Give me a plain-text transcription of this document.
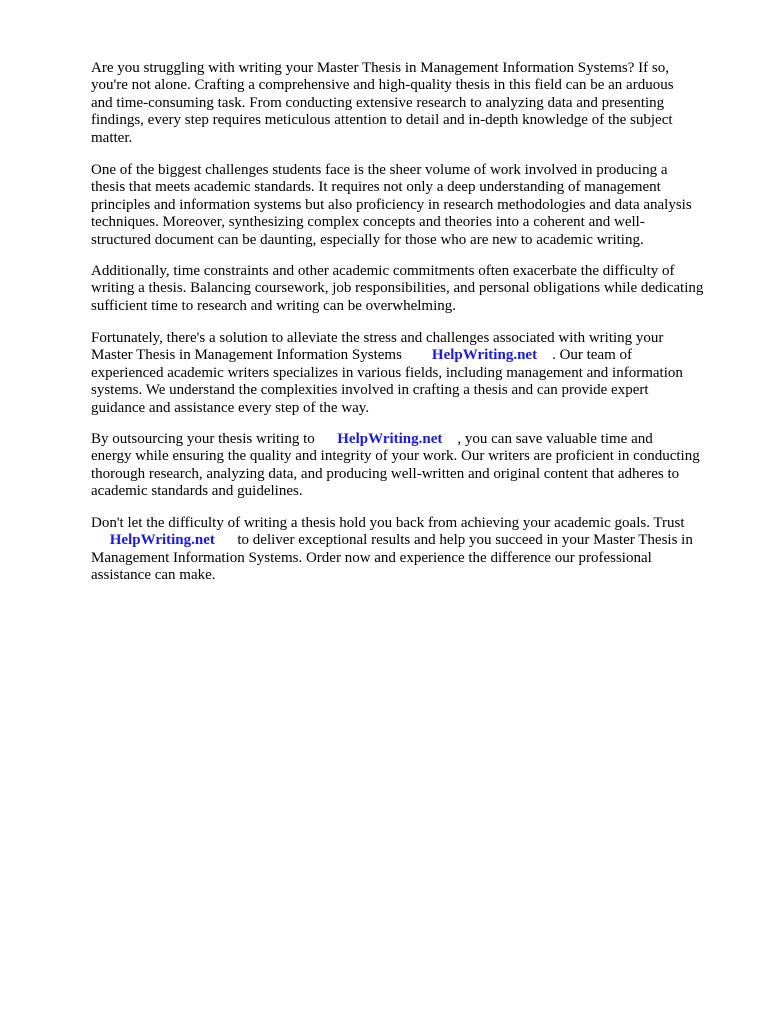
Are you struggling with writing your Master Thesis in Management Information Systems? If so,
you're not alone. Crafting a comprehensive and high-quality thesis in this field can be an arduous
and time-consuming task. From conducting extensive research to analyzing data and presenting
findings, every step requires meticulous attention to detail and in-depth knowledge of the subject
matter.

One of the biggest challenges students face is the sheer volume of work involved in producing a
thesis that meets academic standards. It requires not only a deep understanding of management
principles and information systems but also proficiency in research methodologies and data analysis
techniques. Moreover, synthesizing complex concepts and theories into a coherent and well-
structured document can be daunting, especially for those who are new to academic writing.

Additionally, time constraints and other academic commitments often exacerbate the difficulty of
writing a thesis. Balancing coursework, job responsibilities, and personal obligations while dedicating
sufficient time to research and writing can be overwhelming.

Fortunately, there's a solution to alleviate the stress and challenges associated with writing your
Master Thesis in Management Information Systems HelpWriting.net . Our team of
experienced academic writers specializes in various fields, including management and information
systems. We understand the complexities involved in crafting a thesis and can provide expert
guidance and assistance every step of the way.

By outsourcing your thesis writing to HelpWriting.net , you can save valuable time and
energy while ensuring the quality and integrity of your work. Our writers are proficient in conducting
thorough research, analyzing data, and producing well-written and original content that adheres to
academic standards and guidelines.

Don't let the difficulty of writing a thesis hold you back from achieving your academic goals. Trust
HelpWriting.net to deliver exceptional results and help you succeed in your Master Thesis in
Management Information Systems. Order now and experience the difference our professional
assistance can make.
